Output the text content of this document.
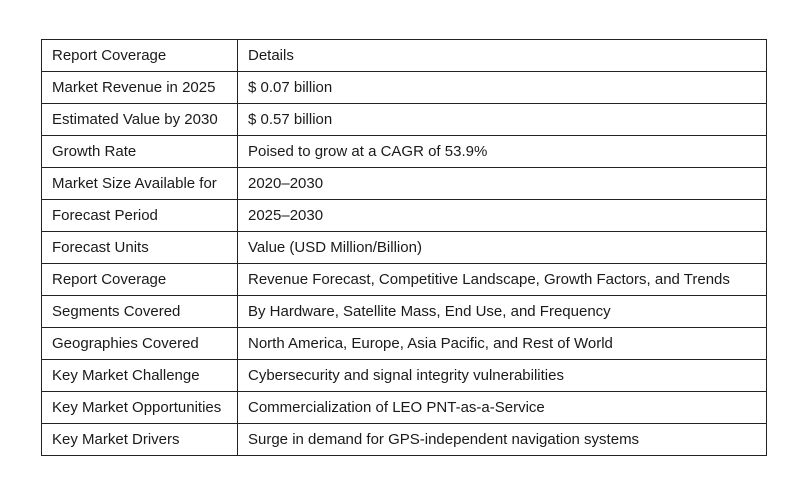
Report Coverage	Details
Market Revenue in 2025	$ 0.07 billion
Estimated Value by 2030	$ 0.57 billion
Growth Rate	Poised to grow at a CAGR of 53.9%
Market Size Available for	2020–2030
Forecast Period	2025–2030
Forecast Units	Value (USD Million/Billion)
Report Coverage	Revenue Forecast, Competitive Landscape, Growth Factors, and Trends
Segments Covered	By Hardware, Satellite Mass, End Use, and Frequency
Geographies Covered	North America, Europe, Asia Pacific, and Rest of World
Key Market Challenge	Cybersecurity and signal integrity vulnerabilities
Key Market Opportunities	Commercialization of LEO PNT-as-a-Service
Key Market Drivers	Surge in demand for GPS-independent navigation systems
